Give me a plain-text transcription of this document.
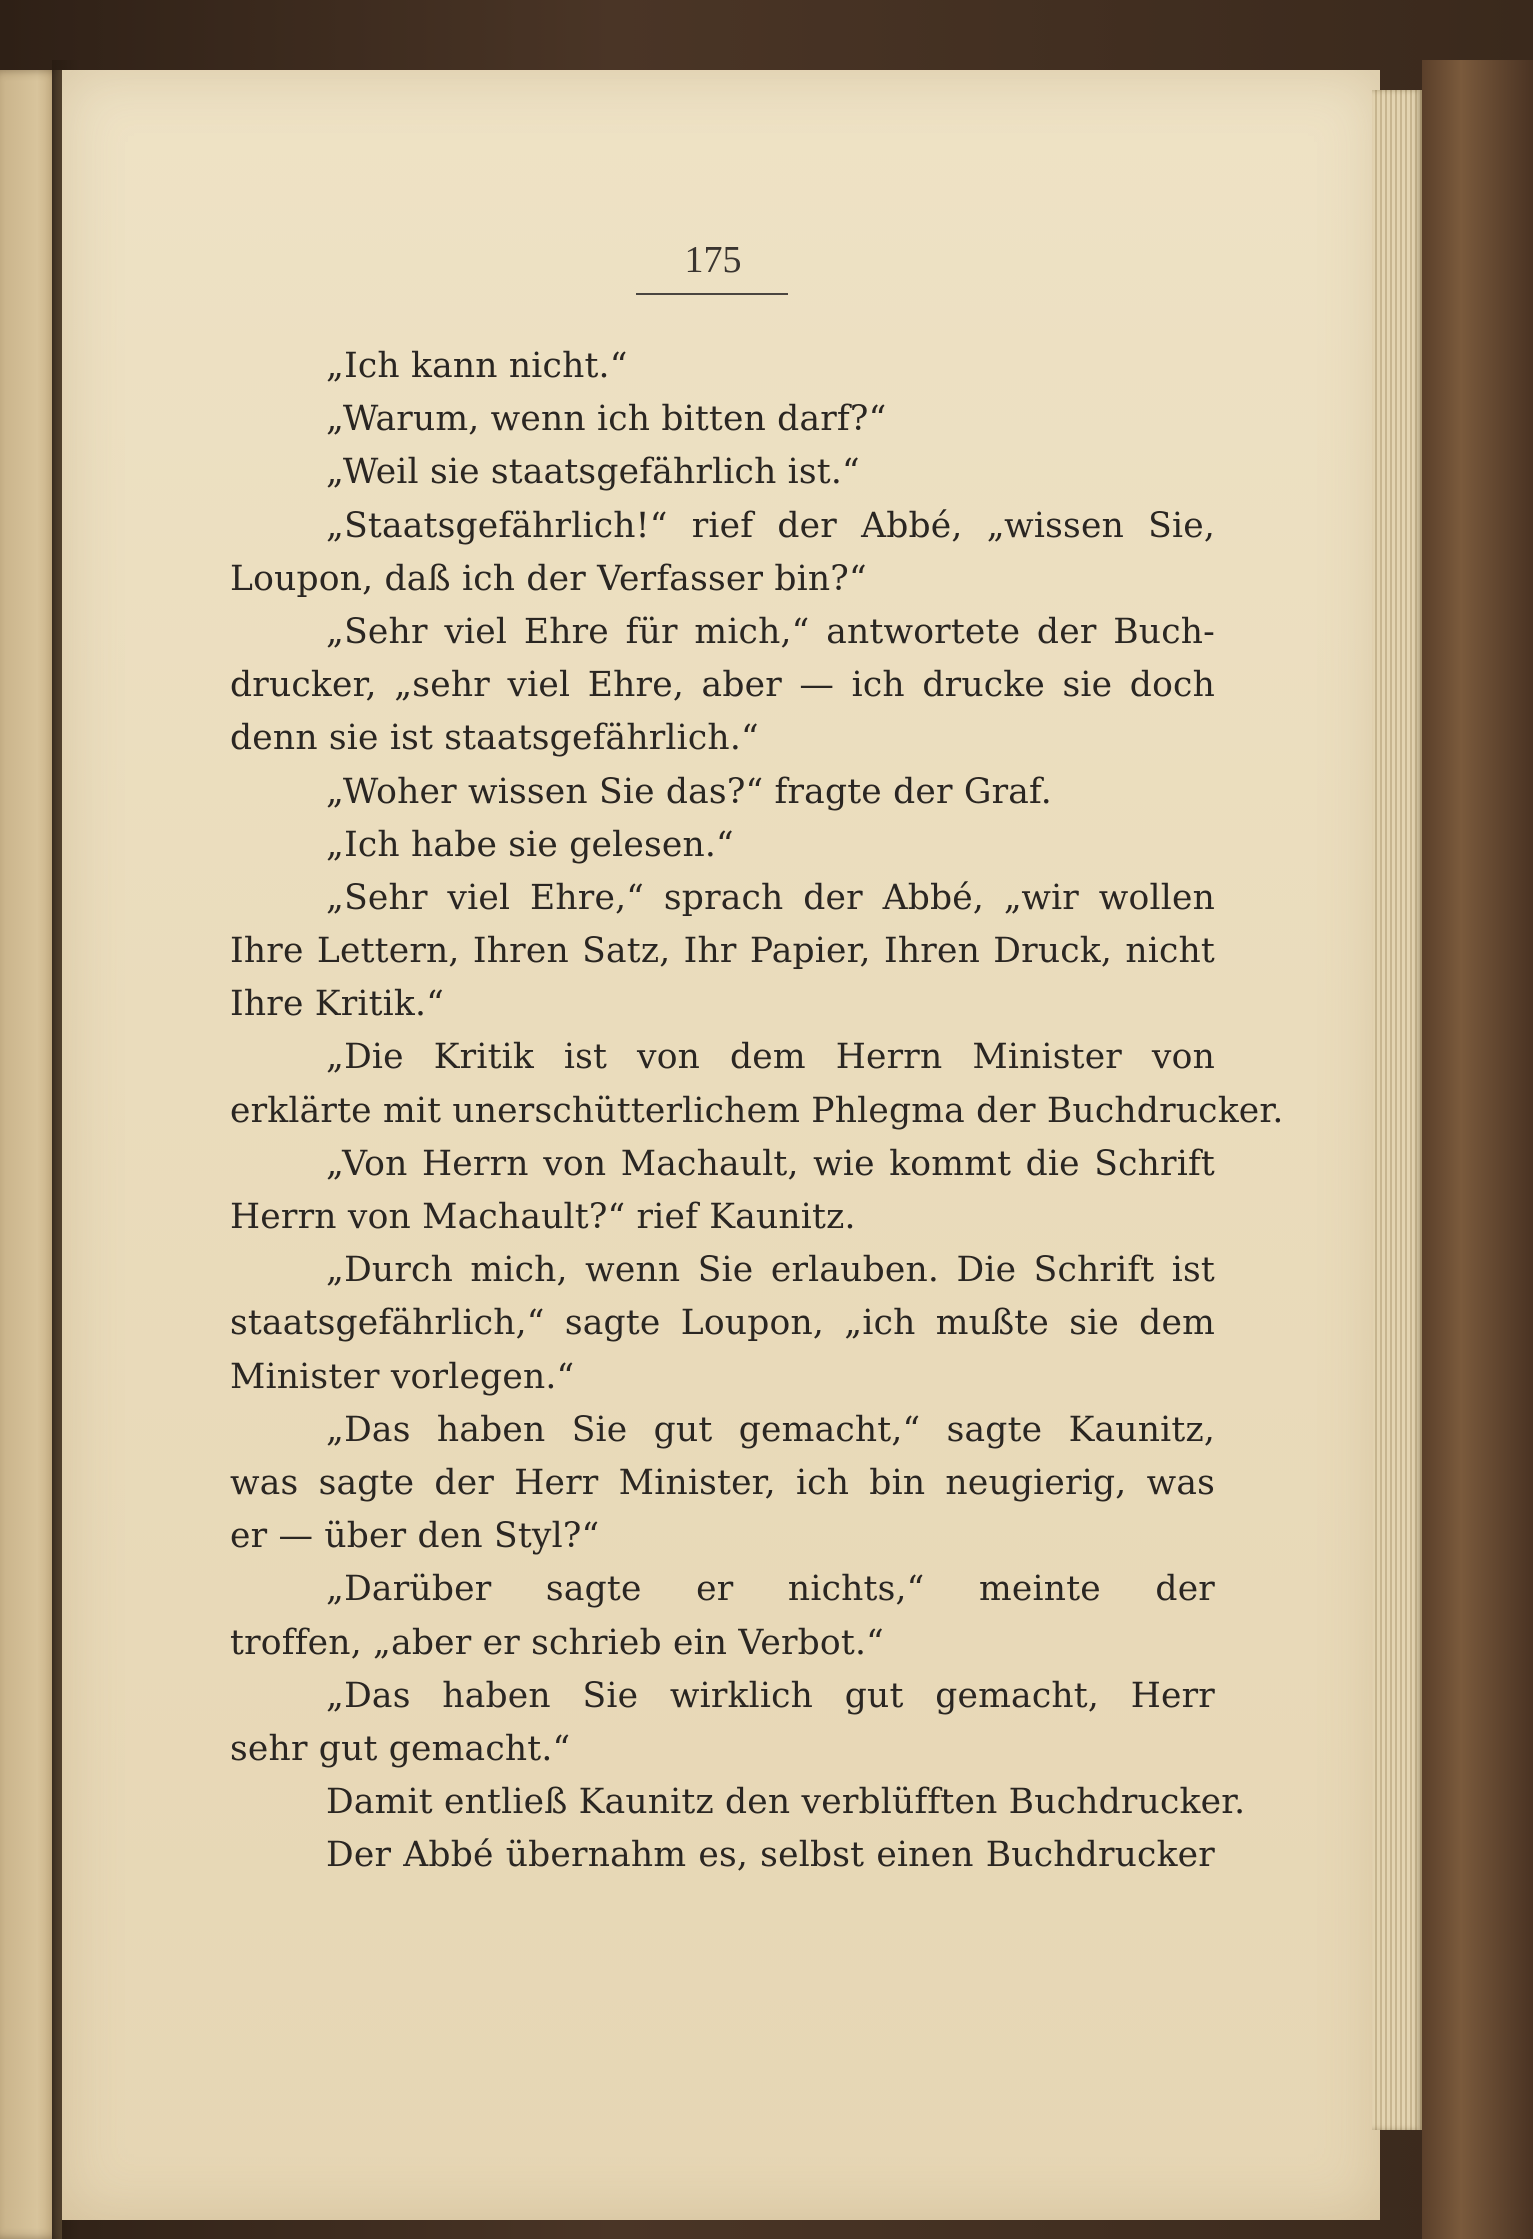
175
„Ich kann nicht.“
„Warum, wenn ich bitten darf?“
„Weil sie staatsgefährlich ist.“
„Staatsgefährlich!“ rief der Abbé, „wissen Sie,
Loupon, daß ich der Verfasser bin?“
„Sehr viel Ehre für mich,“ antwortete der Buch-
drucker, „sehr viel Ehre, aber — ich drucke sie doch
denn sie ist staatsgefährlich.“
„Woher wissen Sie das?“ fragte der Graf.
„Ich habe sie gelesen.“
„Sehr viel Ehre,“ sprach der Abbé, „wir wollen
Ihre Lettern, Ihren Satz, Ihr Papier, Ihren Druck, nicht
Ihre Kritik.“
„Die Kritik ist von dem Herrn Minister von
erklärte mit unerschütterlichem Phlegma der Buchdrucker.
„Von Herrn von Machault, wie kommt die Schrift
Herrn von Machault?“ rief Kaunitz.
„Durch mich, wenn Sie erlauben. Die Schrift ist
staatsgefährlich,“ sagte Loupon, „ich mußte sie dem
Minister vorlegen.“
„Das haben Sie gut gemacht,“ sagte Kaunitz,
was sagte der Herr Minister, ich bin neugierig, was
er — über den Styl?“
„Darüber sagte er nichts,“ meinte der
troffen, „aber er schrieb ein Verbot.“
„Das haben Sie wirklich gut gemacht, Herr
sehr gut gemacht.“
Damit entließ Kaunitz den verblüfften Buchdrucker.
Der Abbé übernahm es, selbst einen Buchdrucker
